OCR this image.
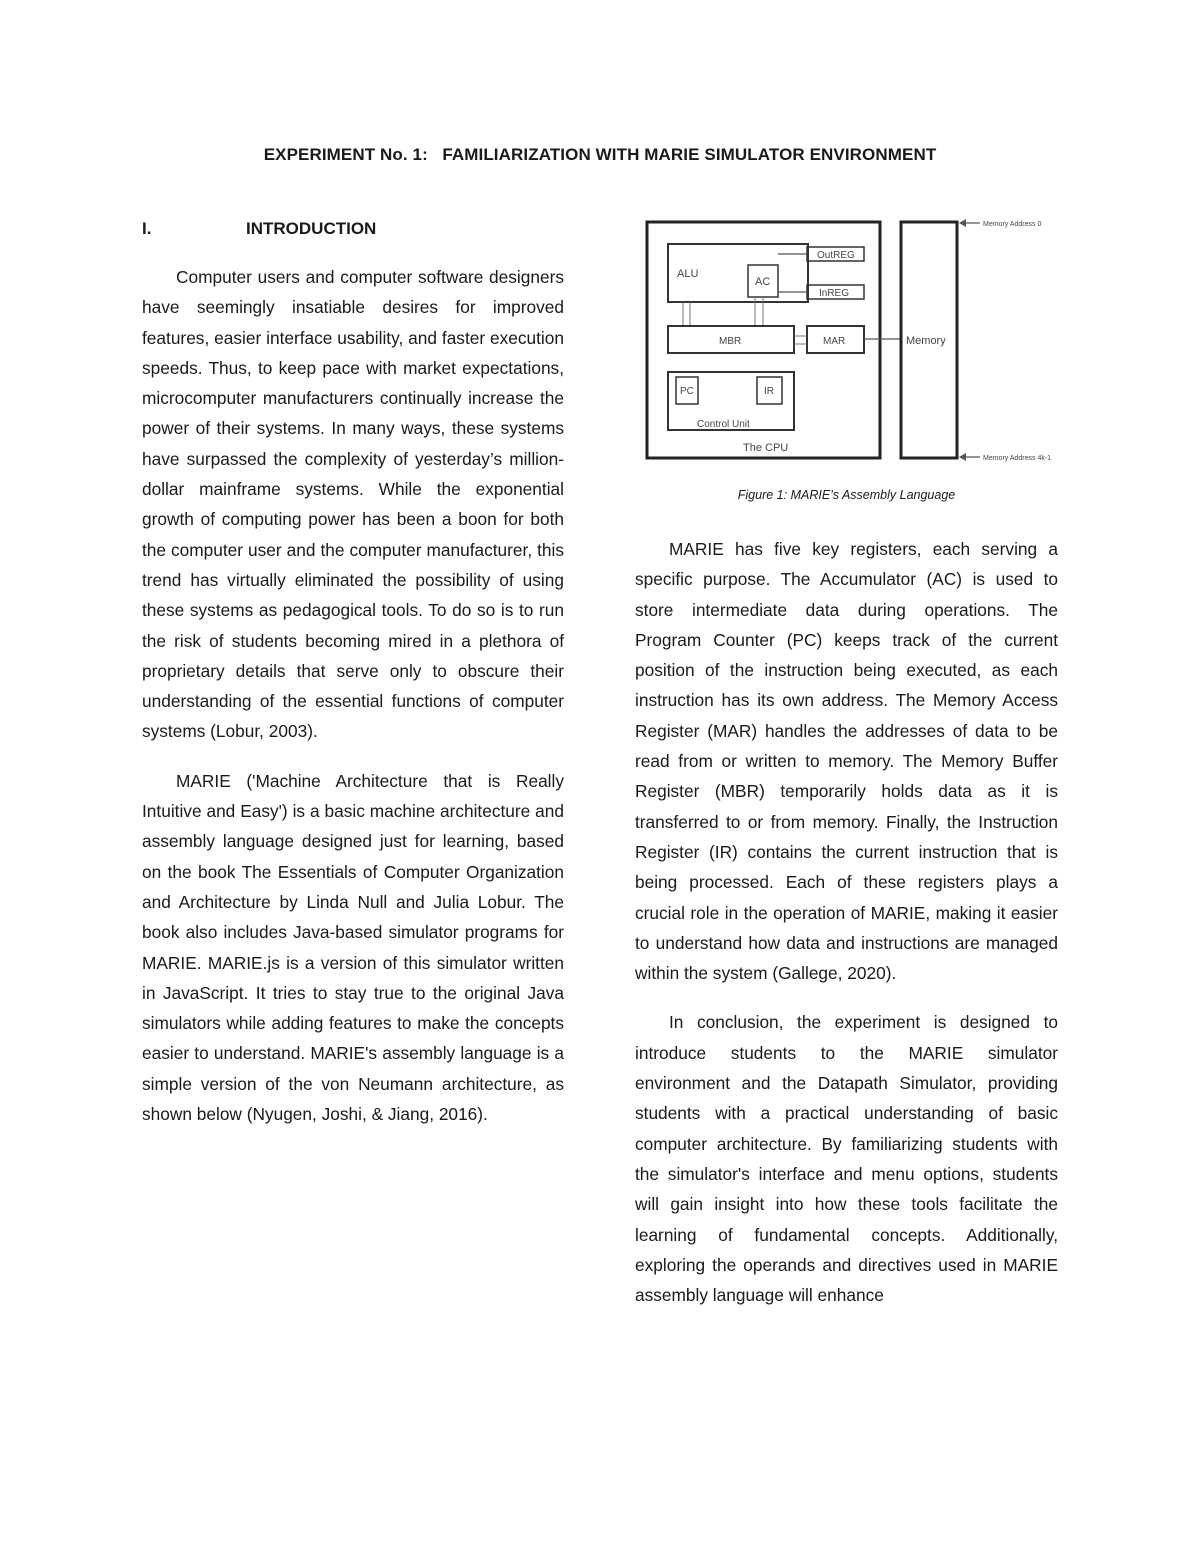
EXPERIMENT No. 1:   FAMILIARIZATION WITH MARIE SIMULATOR ENVIRONMENT
I.	INTRODUCTION

Computer users and computer software designers have seemingly insatiable desires for improved features, easier interface usability, and faster execution speeds. Thus, to keep pace with market expectations, microcomputer manufacturers continually increase the power of their systems. In many ways, these systems have surpassed the complexity of yesterday’s million-dollar mainframe systems. While the exponential growth of computing power has been a boon for both the computer user and the computer manufacturer, this trend has virtually eliminated the possibility of using these systems as pedagogical tools. To do so is to run the risk of students becoming mired in a plethora of proprietary details that serve only to obscure their understanding of the essential functions of computer systems (Lobur, 2003).

MARIE ('Machine Architecture that is Really Intuitive and Easy') is a basic machine architecture and assembly language designed just for learning, based on the book The Essentials of Computer Organization and Architecture by Linda Null and Julia Lobur. The book also includes Java-based simulator programs for MARIE. MARIE.js is a version of this simulator written in JavaScript. It tries to stay true to the original Java simulators while adding features to make the concepts easier to understand. MARIE's assembly language is a simple version of the von Neumann architecture, as shown below (Nyugen, Joshi, & Jiang, 2016).

ALU
AC
OutREG
InREG
MBR	MAR
PC	IR
Control Unit
The CPU
Memory
Memory Address 0
Memory Address 4k-1
Figure 1: MARIE’s Assembly Language

MARIE has five key registers, each serving a specific purpose. The Accumulator (AC) is used to store intermediate data during operations. The Program Counter (PC) keeps track of the current position of the instruction being executed, as each instruction has its own address. The Memory Access Register (MAR) handles the addresses of data to be read from or written to memory. The Memory Buffer Register (MBR) temporarily holds data as it is transferred to or from memory. Finally, the Instruction Register (IR) contains the current instruction that is being processed. Each of these registers plays a crucial role in the operation of MARIE, making it easier to understand how data and instructions are managed within the system (Gallege, 2020).

In conclusion, the experiment is designed to introduce students to the MARIE simulator environment and the Datapath Simulator, providing students with a practical understanding of basic computer architecture. By familiarizing students with the simulator's interface and menu options, students will gain insight into how these tools facilitate the learning of fundamental concepts. Additionally, exploring the operands and directives used in MARIE assembly language will enhance
